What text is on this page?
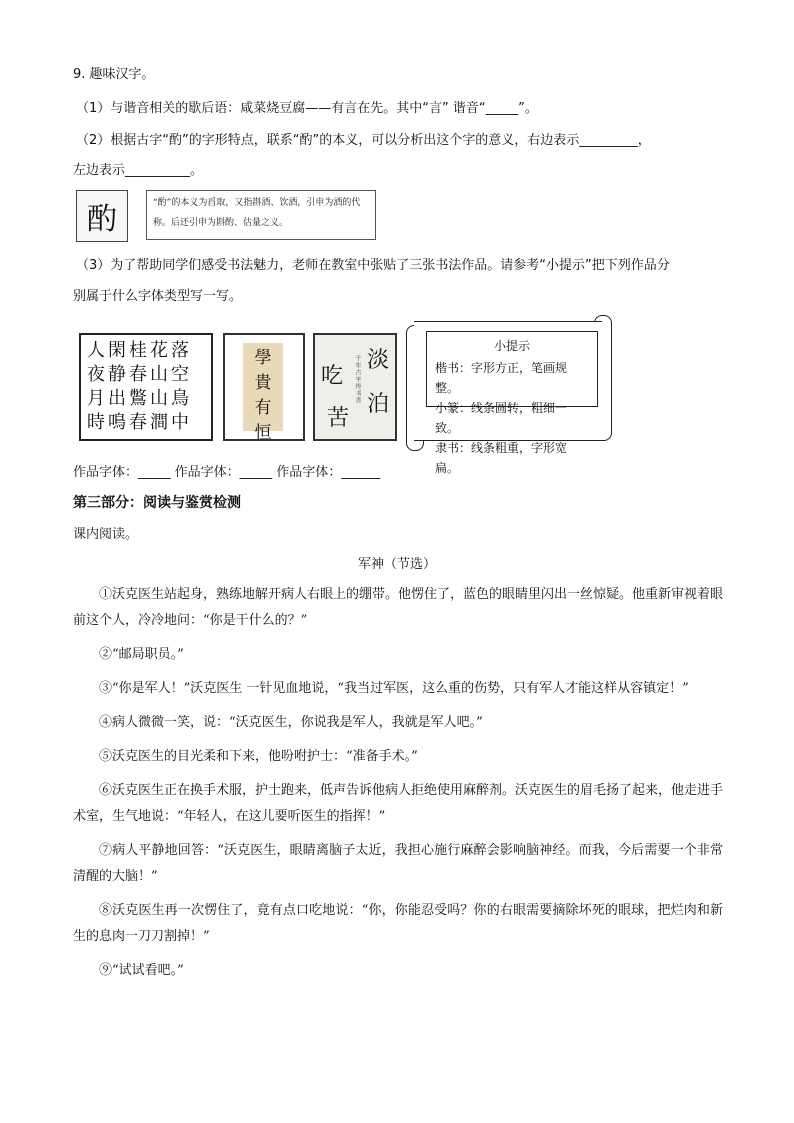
9. 趣味汉字。
（1）与谐音相关的歇后语：咸菜烧豆腐——有言在先。其中“言” 谐音“_____”。
（2）根据古字“酌”的字形特点，联系“酌”的本义，可以分析出这个字的意义，右边表示_________，
左边表示__________。
酌	“酌”的本义为舀取，又指斟酒、饮酒，引申为酒的代称。后还引申为斟酌、估量之义。
（3）为了帮助同学们感受书法魅力，老师在教室中张贴了三张书法作品。请参考“小提示”把下列作品分
别属于什么字体类型写一写。
人閑桂花落
夜静春山空
月出鷩山鳥
時鳴春澗中
學
貴
有
恒
吃
苦
淡
泊
千年古字传书香
小提示
楷书：字形方正，笔画规整。
小篆：线条圆转，粗细一致。
隶书：线条粗重，字形宽扁。
作品字体：_____ 作品字体：_____ 作品字体：______
第三部分：阅读与鉴赏检测
课内阅读。
军神（节选）

①沃克医生站起身，熟练地解开病人右眼上的绷带。他愣住了，蓝色的眼睛里闪出一丝惊疑。他重新审视着眼前这个人，冷冷地问：“你是干什么的？”

②“邮局职员。”

③“你是军人！”沃克医生 一针见血地说，“我当过军医，这么重的伤势，只有军人才能这样从容镇定！”

④病人微微一笑，说：“沃克医生，你说我是军人，我就是军人吧。”

⑤沃克医生的目光柔和下来，他吩咐护士：“准备手术。”

⑥沃克医生正在换手术服，护士跑来，低声告诉他病人拒绝使用麻醉剂。沃克医生的眉毛扬了起来，他走进手术室，生气地说：“年轻人，在这儿要听医生的指挥！”

⑦病人平静地回答：“沃克医生，眼睛离脑子太近，我担心施行麻醉会影响脑神经。而我，今后需要一个非常清醒的大脑！”

⑧沃克医生再一次愣住了，竟有点口吃地说：“你，你能忍受吗？你的右眼需要摘除坏死的眼球，把烂肉和新生的息肉一刀刀割掉！”

⑨“试试看吧。”
